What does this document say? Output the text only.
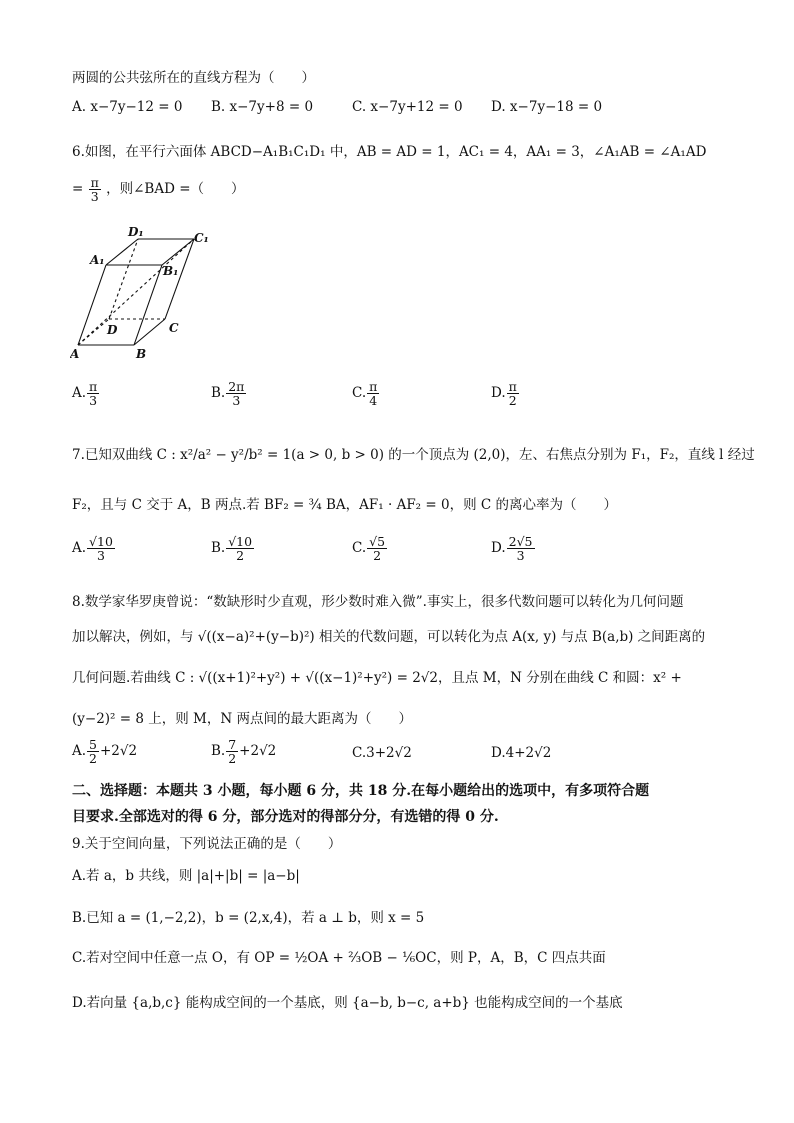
两圆的公共弦所在的直线方程为（　　）
A. x−7y−12 = 0 B. x−7y+8 = 0	C. x−7y+12 = 0 D. x−7y−18 = 0
6.如图，在平行六面体 ABCD−A₁B₁C₁D₁ 中，AB = AD = 1，AC₁ = 4，AA₁ = 3，∠A₁AB = ∠A₁AD
= $\frac{\pi}{3}$ ，则∠BAD =（　　）
A	B
C
D
A₁
B₁
C₁
D₁
A. $\frac{\pi}{3}$	B. $\frac{2\pi}{3}$	C. $\frac{\pi}{4}$	D. $\frac{\pi}{2}$
7.已知双曲线 C : x²/a² − y²/b² = 1(a > 0, b > 0) 的一个顶点为 (2,0)，左、右焦点分别为 F₁，F₂，直线 l 经过
F₂，且与 C 交于 A，B 两点.若 BF₂ = ¾ BA，AF₁ · AF₂ = 0，则 C 的离心率为（　　）
A. $\frac{√10}{3}$	B. $\frac{√10}{2}$	C. $\frac{√5}{2}$	D. $\frac{2√5}{3}$
8.数学家华罗庚曾说：“数缺形时少直观，形少数时难入微”.事实上，很多代数问题可以转化为几何问题
加以解决，例如，与 √((x−a)²+(y−b)²) 相关的代数问题，可以转化为点 A(x, y) 与点 B(a,b) 之间距离的
几何问题.若曲线 C : √((x+1)²+y²) + √((x−1)²+y²) = 2√2，且点 M，N 分别在曲线 C 和圆：x² +
(y−2)² = 8 上，则 M，N 两点间的最大距离为（　　）
A. $\frac{5}{2} +2√2$	B. $\frac{7}{2} +2√2$	C.3+2√2	D.4+2√2
二、选择题：本题共 3 小题，每小题 6 分，共 18 分.在每小题给出的选项中，有多项符合题
目要求.全部选对的得 6 分，部分选对的得部分分，有选错的得 0 分.
9.关于空间向量，下列说法正确的是（　　）
A.若 a，b 共线，则 |a|+|b| = |a−b|
B.已知 a = (1,−2,2)，b = (2,x,4)，若 a ⊥ b，则 x = 5
C.若对空间中任意一点 O，有 OP = ½OA + ⅔OB − ⅙OC，则 P，A，B，C 四点共面
D.若向量 {a,b,c} 能构成空间的一个基底，则 {a−b, b−c, a+b} 也能构成空间的一个基底
